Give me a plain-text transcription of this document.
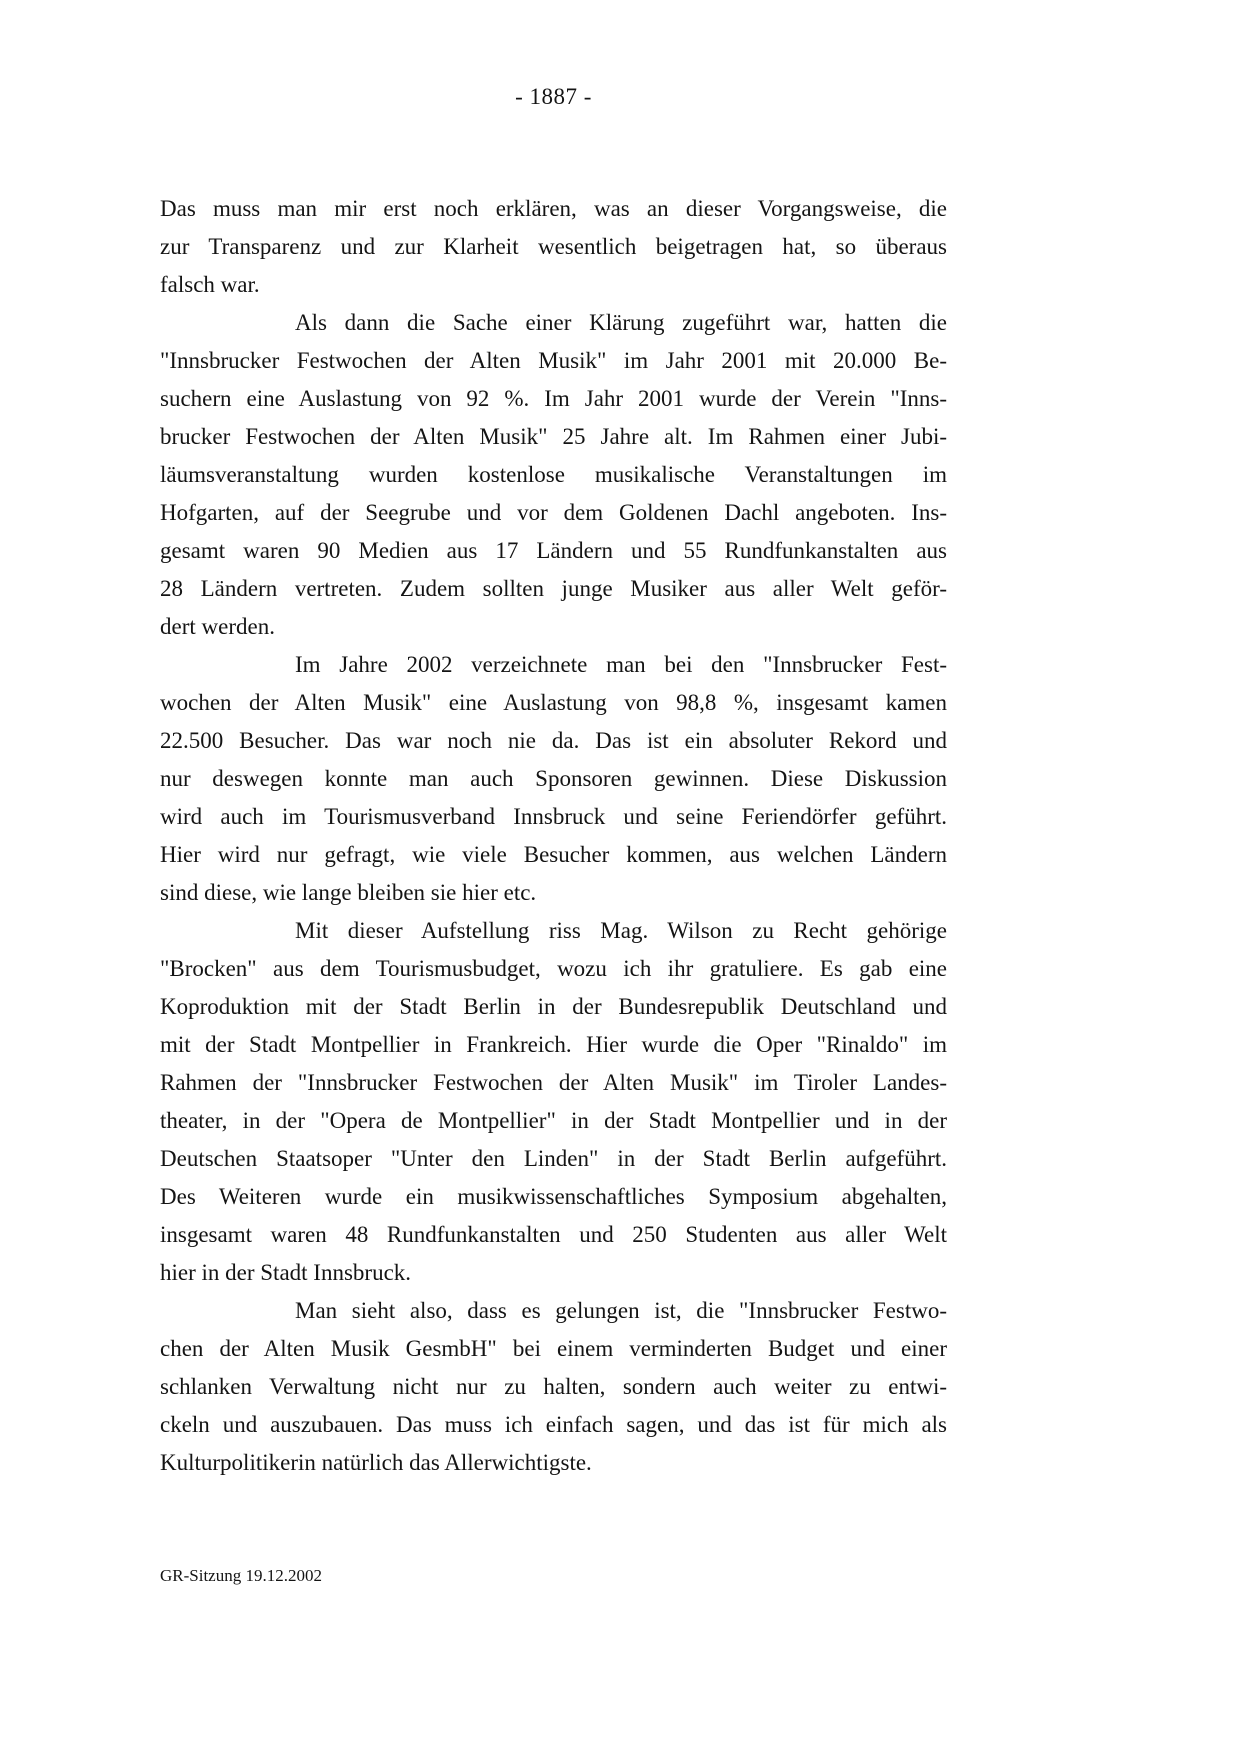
- 1887 -
Das muss man mir erst noch erklären, was an dieser Vorgangsweise, die
zur Transparenz und zur Klarheit wesentlich beigetragen hat, so überaus
falsch war.
Als dann die Sache einer Klärung zugeführt war, hatten die
"Innsbrucker Festwochen der Alten Musik" im Jahr 2001 mit 20.000 Be-
suchern eine Auslastung von 92 %. Im Jahr 2001 wurde der Verein "Inns-
brucker Festwochen der Alten Musik" 25 Jahre alt. Im Rahmen einer Jubi-
läumsveranstaltung wurden kostenlose musikalische Veranstaltungen im
Hofgarten, auf der Seegrube und vor dem Goldenen Dachl angeboten. Ins-
gesamt waren 90 Medien aus 17 Ländern und 55 Rundfunkanstalten aus
28 Ländern vertreten. Zudem sollten junge Musiker aus aller Welt geför-
dert werden.
Im Jahre 2002 verzeichnete man bei den "Innsbrucker Fest-
wochen der Alten Musik" eine Auslastung von 98,8 %, insgesamt kamen
22.500 Besucher. Das war noch nie da. Das ist ein absoluter Rekord und
nur deswegen konnte man auch Sponsoren gewinnen. Diese Diskussion
wird auch im Tourismusverband Innsbruck und seine Feriendörfer geführt.
Hier wird nur gefragt, wie viele Besucher kommen, aus welchen Ländern
sind diese, wie lange bleiben sie hier etc.
Mit dieser Aufstellung riss Mag. Wilson zu Recht gehörige
"Brocken" aus dem Tourismusbudget, wozu ich ihr gratuliere. Es gab eine
Koproduktion mit der Stadt Berlin in der Bundesrepublik Deutschland und
mit der Stadt Montpellier in Frankreich. Hier wurde die Oper "Rinaldo" im
Rahmen der "Innsbrucker Festwochen der Alten Musik" im Tiroler Landes-
theater, in der "Opera de Montpellier" in der Stadt Montpellier und in der
Deutschen Staatsoper "Unter den Linden" in der Stadt Berlin aufgeführt.
Des Weiteren wurde ein musikwissenschaftliches Symposium abgehalten,
insgesamt waren 48 Rundfunkanstalten und 250 Studenten aus aller Welt
hier in der Stadt Innsbruck.
Man sieht also, dass es gelungen ist, die "Innsbrucker Festwo-
chen der Alten Musik GesmbH" bei einem verminderten Budget und einer
schlanken Verwaltung nicht nur zu halten, sondern auch weiter zu entwi-
ckeln und auszubauen. Das muss ich einfach sagen, und das ist für mich als
Kulturpolitikerin natürlich das Allerwichtigste.
GR-Sitzung 19.12.2002
